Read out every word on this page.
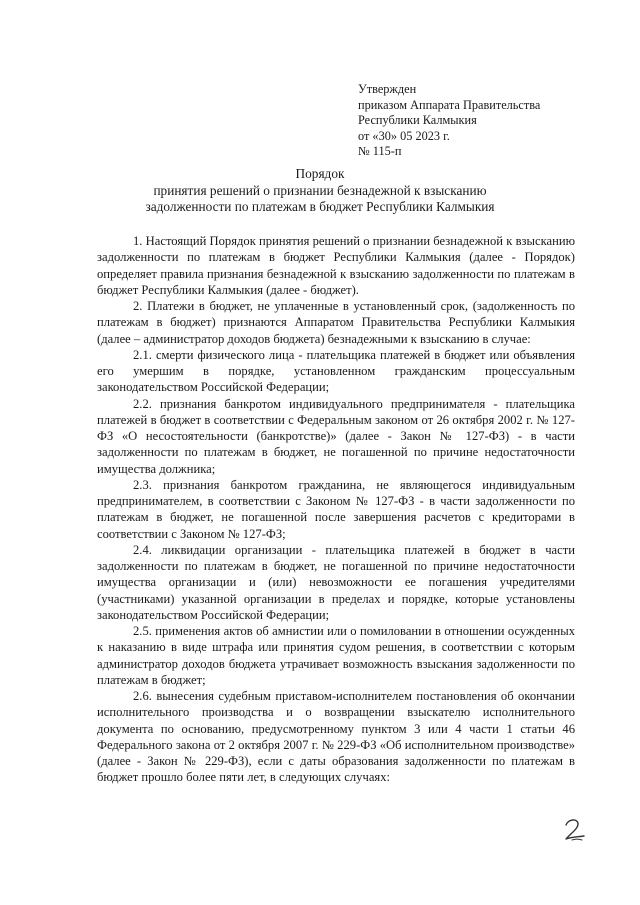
Утвержден
приказом Аппарата Правительства
Республики Калмыкия
от «30» 05 2023 г.
№ 115-п
Порядок
принятия решений о признании безнадежной к взысканию
задолженности по платежам в бюджет Республики Калмыкия

1. Настоящий Порядок принятия решений о признании безнадежной к взысканию задолженности по платежам в бюджет Республики Калмыкия (далее - Порядок) определяет правила признания безнадежной к взысканию задолженности по платежам в бюджет Республики Калмыкия (далее - бюджет).

2. Платежи в бюджет, не уплаченные в установленный срок, (задолженность по платежам в бюджет) признаются Аппаратом Правительства Республики Калмыкия (далее – администратор доходов бюджета) безнадежными к взысканию в случае:

2.1. смерти физического лица - плательщика платежей в бюджет или объявления его умершим в порядке, установленном гражданским процессуальным законодательством Российской Федерации;

2.2. признания банкротом индивидуального предпринимателя - плательщика платежей в бюджет в соответствии с Федеральным законом от 26 октября 2002 г. № 127-ФЗ «О несостоятельности (банкротстве)» (далее - Закон № 127-ФЗ) - в части задолженности по платежам в бюджет, не погашенной по причине недостаточности имущества должника;

2.3. признания банкротом гражданина, не являющегося индивидуальным предпринимателем, в соответствии с Законом № 127-ФЗ - в части задолженности по платежам в бюджет, не погашенной после завершения расчетов с кредиторами в соответствии с Законом № 127-ФЗ;

2.4. ликвидации организации - плательщика платежей в бюджет в части задолженности по платежам в бюджет, не погашенной по причине недостаточности имущества организации и (или) невозможности ее погашения учредителями (участниками) указанной организации в пределах и порядке, которые установлены законодательством Российской Федерации;

2.5. применения актов об амнистии или о помиловании в отношении осужденных к наказанию в виде штрафа или принятия судом решения, в соответствии с которым администратор доходов бюджета утрачивает возможность взыскания задолженности по платежам в бюджет;

2.6. вынесения судебным приставом-исполнителем постановления об окончании исполнительного производства и о возвращении взыскателю исполнительного документа по основанию, предусмотренному пунктом 3 или 4 части 1 статьи 46 Федерального закона от 2 октября 2007 г. № 229-ФЗ «Об исполнительном производстве» (далее - Закон № 229-ФЗ), если с даты образования задолженности по платежам в бюджет прошло более пяти лет, в следующих случаях:
